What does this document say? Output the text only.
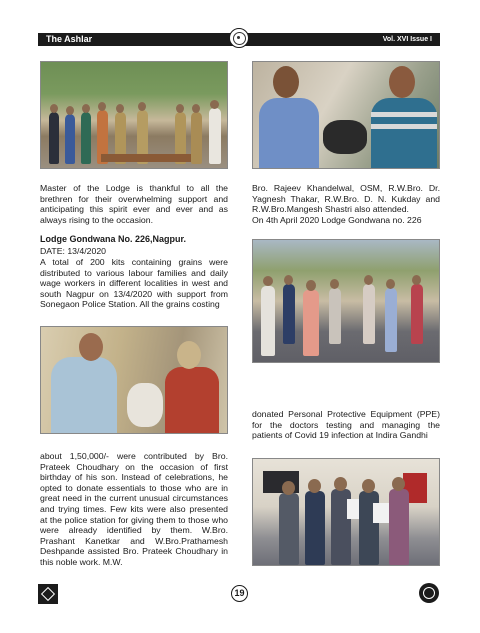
The Ashlar	Vol. XVI Issue I
Master of the Lodge is thankful to all the brethren for their overwhelming support and anticipating this spirit ever and ever and as always rising to the occasion.
Lodge Gondwana No. 226,Nagpur.
DATE: 13/4/2020
A total of 200 kits containing grains were distributed to various labour families and daily wage workers in different localities in west and south Nagpur on 13/4/2020 with support from Sonegaon Police Station. All the grains costing
about 1,50,000/- were contributed by Bro. Prateek Choudhary on the occasion of first birthday of his son. Instead of celebrations, he opted to donate essentials to those who are in great need in the current unusual circumstances and trying times. Few kits were also presented at the police station for giving them to those who were already identified by them. W.Bro. Prashant Kanetkar and W.Bro.Prathamesh Deshpande assisted Bro. Prateek Choudhary in this noble work. M.W.
Bro. Rajeev Khandelwal, OSM, R.W.Bro. Dr. Yagnesh Thakar, R.W.Bro. D. N. Kukday and R.W.Bro.Mangesh Shastri also attended.
On 4th April 2020 Lodge Gondwana no. 226
donated Personal Protective Equipment (PPE) for the doctors testing and managing the patients of Covid 19 infection at Indira Gandhi
19
